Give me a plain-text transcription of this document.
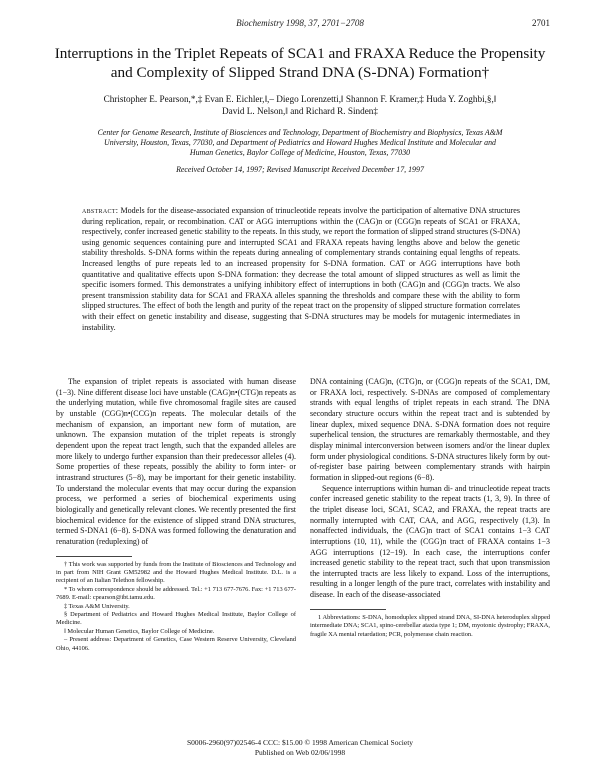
Biochemistry 1998, 37, 2701−2708	2701
Interruptions in the Triplet Repeats of SCA1 and FRAXA Reduce the Propensity
and Complexity of Slipped Strand DNA (S-DNA) Formation†
Christopher E. Pearson,*,‡ Evan E. Eichler,‖,– Diego Lorenzetti,‖ Shannon F. Kramer,‡ Huda Y. Zoghbi,§,‖
David L. Nelson,‖ and Richard R. Sinden‡
Center for Genome Research, Institute of Biosciences and Technology, Department of Biochemistry and Biophysics, Texas A&M
University, Houston, Texas, 77030, and Department of Pediatrics and Howard Hughes Medical Institute and Molecular and
Human Genetics, Baylor College of Medicine, Houston, Texas, 77030
Received October 14, 1997; Revised Manuscript Received December 17, 1997
abstract: Models for the disease-associated expansion of trinucleotide repeats involve the participation of alternative DNA structures during replication, repair, or recombination. CAT or AGG interruptions within the (CAG)n or (CGG)n repeats of SCA1 or FRAXA, respectively, confer increased genetic stability to the repeats. In this study, we report the formation of slipped strand structures (S-DNA) using genomic sequences containing pure and interrupted SCA1 and FRAXA repeats having lengths above and below the genetic stability thresholds. S-DNA forms within the repeats during annealing of complementary strands containing equal lengths of repeats. Increased lengths of pure repeats led to an increased propensity for S-DNA formation. CAT or AGG interruptions have both quantitative and qualitative effects upon S-DNA formation: they decrease the total amount of slipped structures as well as limit the specific isomers formed. This demonstrates a unifying inhibitory effect of interruptions in both (CAG)n and (CGG)n tracts. We also present transmission stability data for SCA1 and FRAXA alleles spanning the thresholds and compare these with the ability to form slipped structures. The effect of both the length and purity of the repeat tract on the propensity of slipped structure formation correlates with their effect on genetic instability and disease, suggesting that S-DNA structures may be models for mutagenic intermediates in instability.

The expansion of triplet repeats is associated with human disease (1−3). Nine different disease loci have unstable (CAG)n•(CTG)n repeats as the underlying mutation, while five chromosomal fragile sites are caused by unstable (CGG)n•(CCG)n repeats. The molecular details of the mechanism of expansion, an important new form of mutation, are unknown. The expansion mutation of the triplet repeats is strongly dependent upon the repeat tract length, such that the expanded alleles are more likely to undergo further expansion than their predecessor alleles (4). Some properties of these repeats, possibly the ability to form inter- or intrastrand structures (5−8), may be important for their genetic instability. To understand the molecular events that may occur during the expansion process, we performed a series of biochemical experiments using biologically and genetically relevant clones. We recently presented the first biochemical evidence for the existence of slipped strand DNA structures, termed S-DNA1 (6−8). S-DNA was formed following the denaturation and renaturation (reduplexing) of

† This work was supported by funds from the Institute of Biosciences and Technology and in part from NIH Grant GM52982 and the Howard Hughes Medical Institute. D.L. is a recipient of an Italian Telethon fellowship.
* To whom correspondence should be addressed. Tel.: +1 713 677-7676. Fax: +1 713 677-7689. E-mail: cpearson@ibt.tamu.edu.
‡ Texas A&M University.
§ Department of Pediatrics and Howard Hughes Medical Institute, Baylor College of Medicine.
‖ Molecular Human Genetics, Baylor College of Medicine.
– Present address: Department of Genetics, Case Western Reserve University, Cleveland Ohio, 44106.

DNA containing (CAG)n, (CTG)n, or (CGG)n repeats of the SCA1, DM, or FRAXA loci, respectively. S-DNAs are composed of complementary strands with equal lengths of triplet repeats in each strand. The DNA secondary structure occurs within the repeat tract and is subtended by linear duplex, mixed sequence DNA. S-DNA formation does not require superhelical tension, the structures are remarkably thermostable, and they display minimal interconversion between isomers and/or the linear duplex form under physiological conditions. S-DNA structures likely form by out-of-register base pairing between complementary strands with hairpin formation in slipped-out regions (6−8).

Sequence interruptions within human di- and trinucleotide repeat tracts confer increased genetic stability to the repeat tracts (1, 3, 9). In three of the triplet disease loci, SCA1, SCA2, and FRAXA, the repeat tracts are normally interrupted with CAT, CAA, and AGG, respectively (1,3). In nonaffected individuals, the (CAG)n tract of SCA1 contains 1−3 CAT interruptions (10, 11), while the (CGG)n tract of FRAXA contains 1−3 AGG interruptions (12−19). In each case, the interruptions confer increased genetic stability to the repeat tract, such that upon transmission the interrupted tracts are less likely to expand. Loss of the interruptions, resulting in a longer length of the pure tract, correlates with instability and disease. In each of the disease-associated

1 Abbreviations: S-DNA, homoduplex slipped strand DNA, SI-DNA heteroduplex slipped intermediate DNA; SCA1, spino-cerebellar ataxia type 1; DM, myotonic dystrophy; FRAXA, fragile XA mental retardation; PCR, polymerase chain reaction.
S0006-2960(97)02546-4 CCC: $15.00 © 1998 American Chemical Society
Published on Web 02/06/1998
